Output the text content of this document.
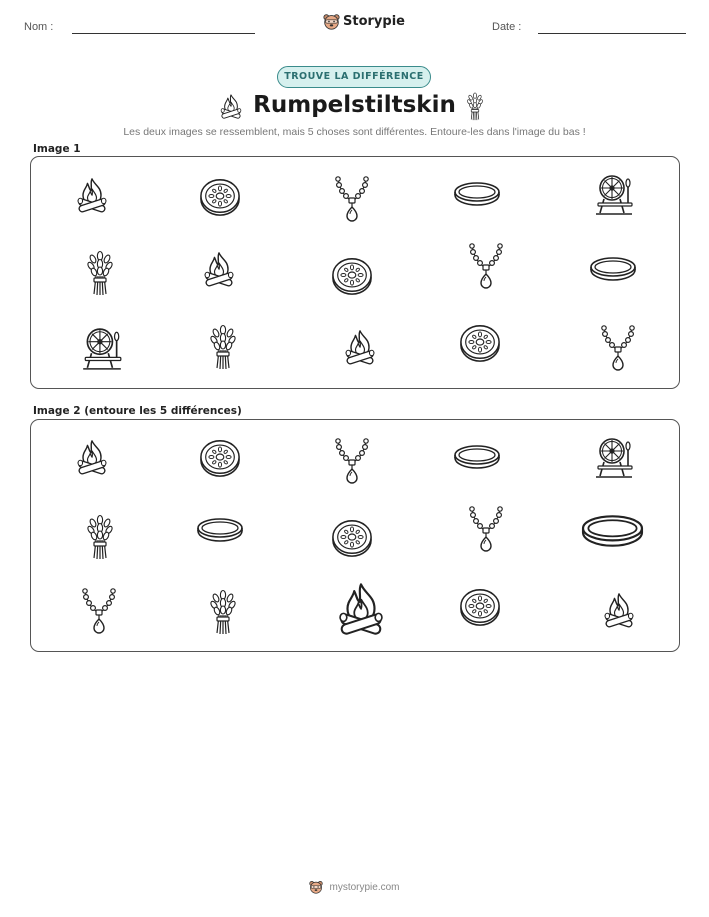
Nom :	Storypie	Date :
TROUVE LA DIFFÉRENCE
Rumpelstiltskin
Les deux images se ressemblent, mais 5 choses sont différentes. Entoure-les dans l'image du bas !
Image 1
Image 2 (entoure les 5 différences)
mystorypie.com
